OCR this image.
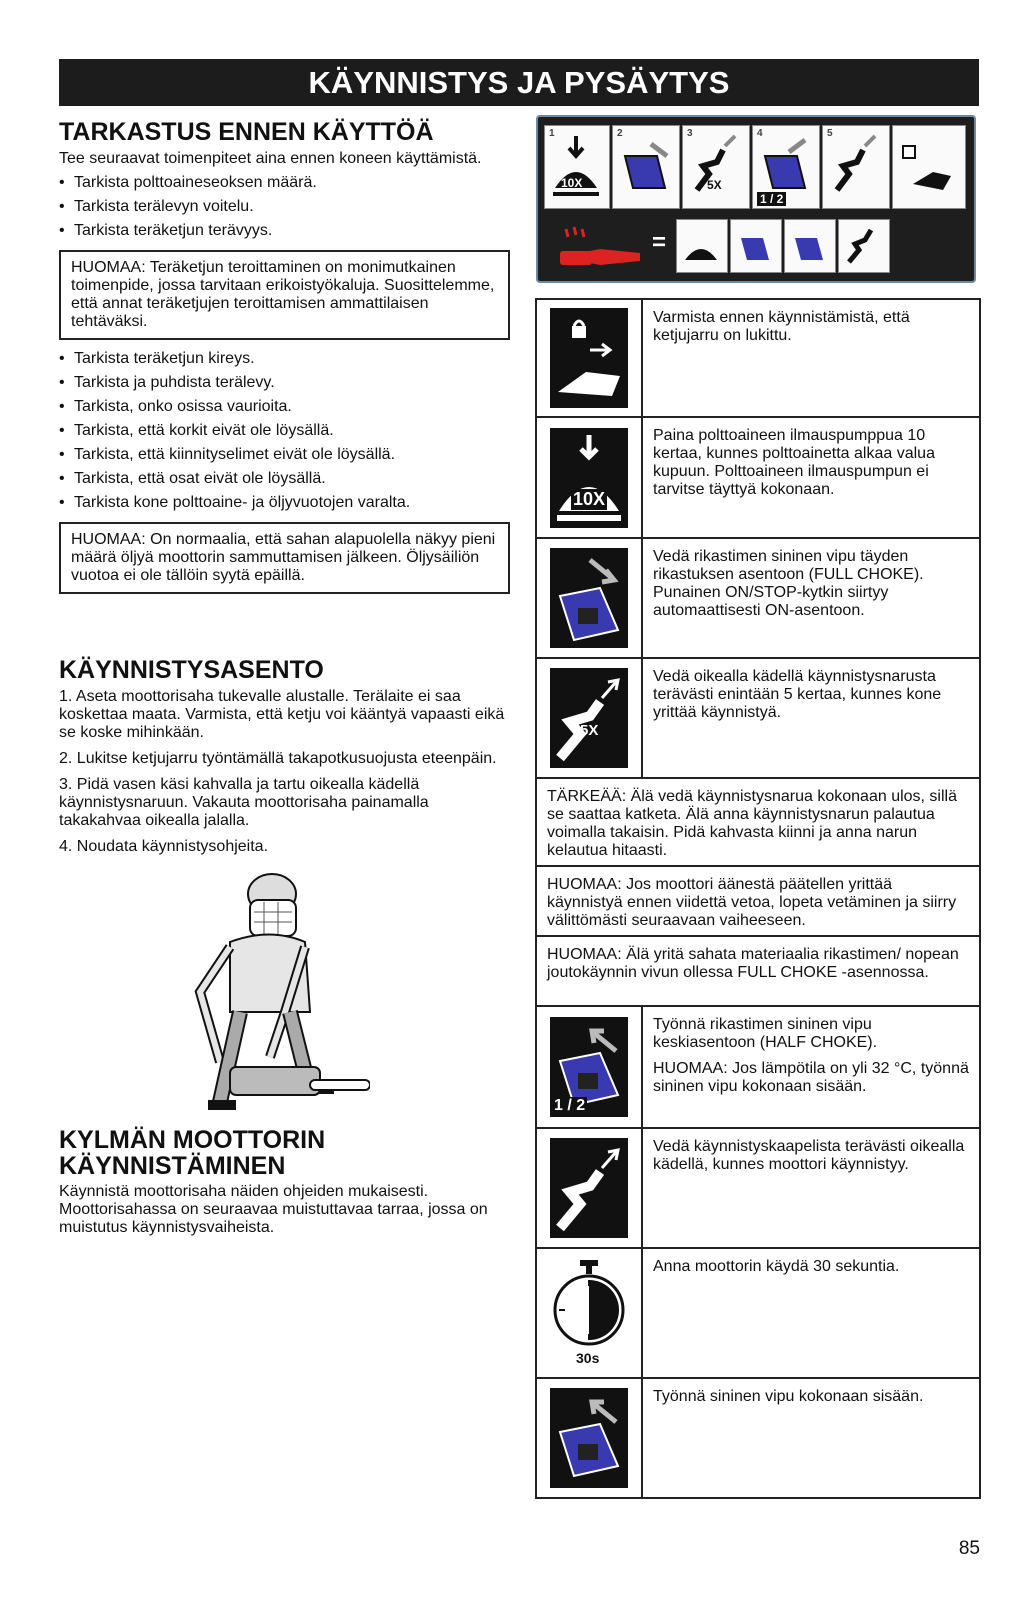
KÄYNNISTYS JA PYSÄYTYS
TARKASTUS ENNEN KÄYTTÖÄ

Tee seuraavat toimenpiteet aina ennen koneen käyttämistä.

• Tarkista polttoaineseoksen määrä.
• Tarkista terälevyn voitelu.
• Tarkista teräketjun terävyys.
HUOMAA: Teräketjun teroittaminen on monimutkainen toimenpide, jossa tarvitaan erikoistyökaluja. Suosittelemme, että annat teräketjujen teroittamisen ammattilaisen tehtäväksi.
• Tarkista teräketjun kireys.
• Tarkista ja puhdista terälevy.
• Tarkista, onko osissa vaurioita.
• Tarkista, että korkit eivät ole löysällä.
• Tarkista, että kiinnityselimet eivät ole löysällä.
• Tarkista, että osat eivät ole löysällä.
• Tarkista kone polttoaine- ja öljyvuotojen varalta.
HUOMAA: On normaalia, että sahan alapuolella näkyy pieni määrä öljyä moottorin sammuttamisen jälkeen. Öljysäiliön vuotoa ei ole tällöin syytä epäillä.
KÄYNNISTYSASENTO
1. Aseta moottorisaha tukevalle alustalle. Terälaite ei saa koskettaa maata. Varmista, että ketju voi kääntyä vapaasti eikä se koske mihinkään.
2. Lukitse ketjujarru työntämällä takapotkusuojusta eteenpäin.
3. Pidä vasen käsi kahvalla ja tartu oikealla kädellä käynnistysnaruun. Vakauta moottorisaha painamalla takakahvaa oikealla jalalla.
4. Noudata käynnistysohjeita.
KYLMÄN MOOTTORIN KÄYNNISTÄMINEN

Käynnistä moottorisaha näiden ohjeiden mukaisesti. Moottorisahassa on seuraavaa muistuttavaa tarraa, jossa on muistutus käynnistysvaiheista.

1
10X
2	3
5X
4
1 / 2
5
=
Varmista ennen käynnistämistä, että ketjujarru on lukittu.
10X
Paina polttoaineen ilmauspumppua 10 kertaa, kunnes polttoainetta alkaa valua kupuun. Polttoaineen ilmauspumpun ei tarvitse täyttyä kokonaan.
Vedä rikastimen sininen vipu täyden rikastuksen asentoon (FULL CHOKE). Punainen ON/STOP-kytkin siirtyy automaattisesti ON-asentoon.
5X
Vedä oikealla kädellä käynnistysnarusta terävästi enintään 5 kertaa, kunnes kone yrittää käynnistyä.
TÄRKEÄÄ: Älä vedä käynnistysnarua kokonaan ulos, sillä se saattaa katketa. Älä anna käynnistysnarun palautua voimalla takaisin. Pidä kahvasta kiinni ja anna narun kelautua hitaasti.
HUOMAA: Jos moottori äänestä päätellen yrittää käynnistyä ennen viidettä vetoa, lopeta vetäminen ja siirry välittömästi seuraavaan vaiheeseen.
HUOMAA: Älä yritä sahata materiaalia rikastimen/ nopean joutokäynnin vivun ollessa FULL CHOKE -asennossa.
1 / 2
Työnnä rikastimen sininen vipu keskiasentoon (HALF CHOKE).
HUOMAA: Jos lämpötila on yli 32 °C, työnnä sininen vipu kokonaan sisään.
Vedä käynnistyskaapelista terävästi oikealla kädellä, kunnes moottori käynnistyy.
30s
Anna moottorin käydä 30 sekuntia.
Työnnä sininen vipu kokonaan sisään.
85
